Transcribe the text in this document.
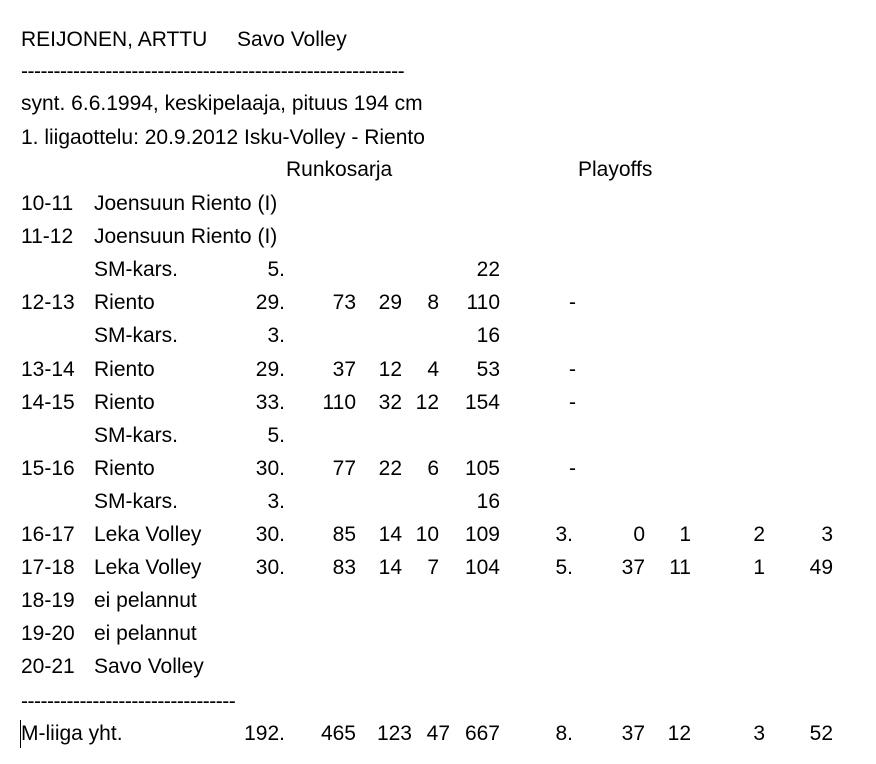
REIJONEN, ARTTU Savo Volley
-----------------------------------------------------------
synt. 6.6.1994, keskipelaaja, pituus 194 cm
1. liigaottelu: 20.9.2012 Isku-Volley - Riento
Runkosarja	Playoffs
10-11 Joensuun Riento (I)
11-12 Joensuun Riento (I)
SM-kars.	5.	22
12-13 Riento	29. 73 29 8 110	-
SM-kars.	3.	16
13-14 Riento	29. 37 12 4 53	-
14-15 Riento	33. 110 32 12 154	-
SM-kars.	5.
15-16 Riento	30. 77 22 6 105	-
SM-kars.	3.	16
16-17 Leka Volley	30. 85 14 10 109	3.	0 1	2	3
17-18 Leka Volley	30. 83 14 7 104	5. 37 11	1 49
18-19 ei pelannut
19-20 ei pelannut
20-21 Savo Volley
---------------------------------
M-liiga yht.	192. 465 123 47 667	8. 37 12	3 52
